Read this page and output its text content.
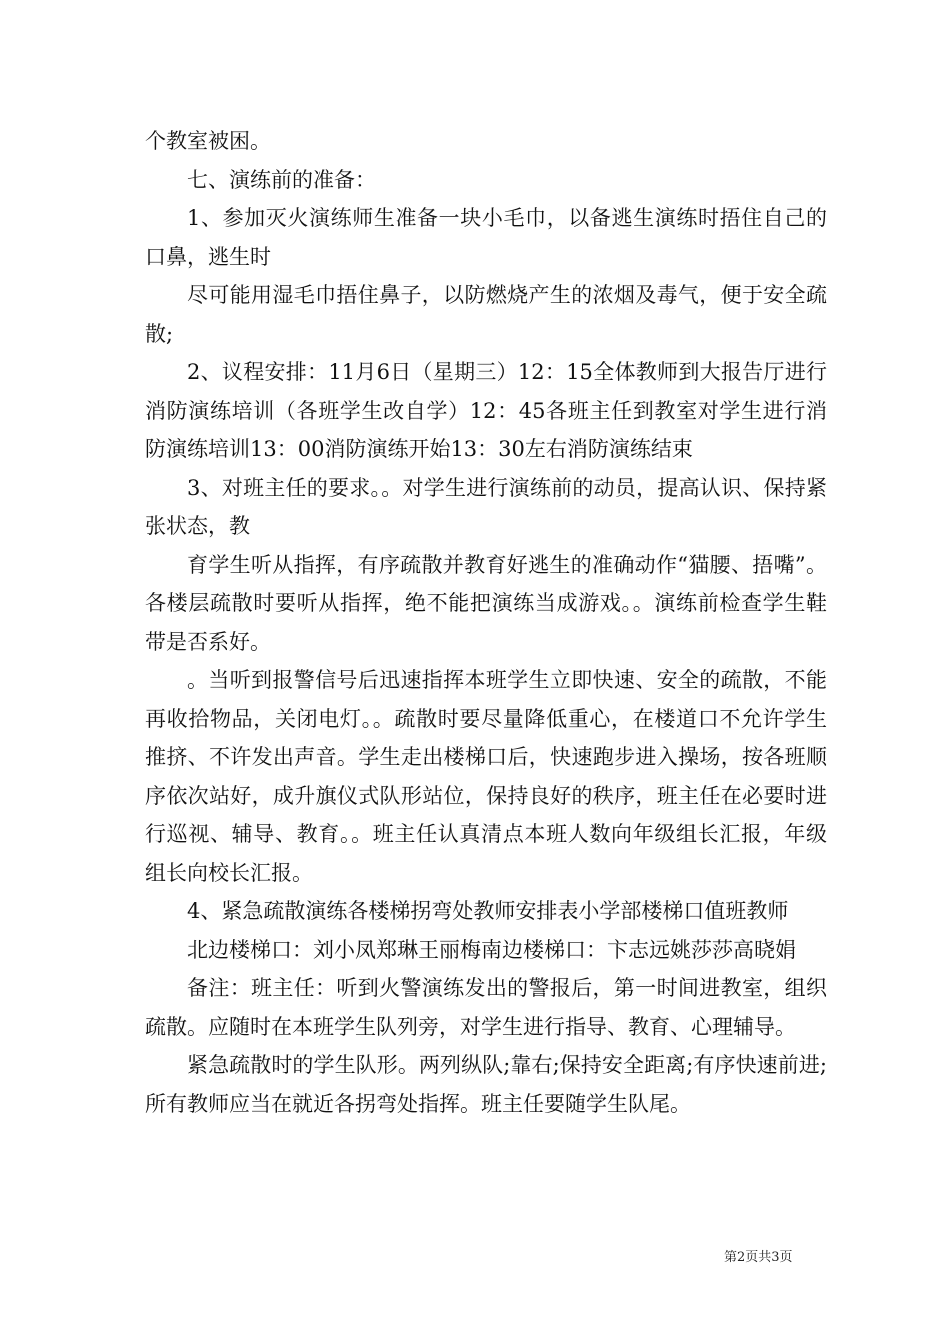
个教室被困。

七、演练前的准备：

1、参加灭火演练师生准备一块小毛巾，以备逃生演练时捂住自己的口鼻，逃生时

尽可能用湿毛巾捂住鼻子，以防燃烧产生的浓烟及毒气，便于安全疏散;

2、议程安排：11月6日（星期三）12：15全体教师到大报告厅进行消防演练培训（各班学生改自学）12：45各班主任到教室对学生进行消防演练培训13：00消防演练开始13：30左右消防演练结束

3、对班主任的要求。。对学生进行演练前的动员，提高认识、保持紧张状态，教

育学生听从指挥，有序疏散并教育好逃生的准确动作“猫腰、捂嘴”。各楼层疏散时要听从指挥，绝不能把演练当成游戏。。演练前检查学生鞋带是否系好。

。当听到报警信号后迅速指挥本班学生立即快速、安全的疏散，不能再收拾物品，关闭电灯。。疏散时要尽量降低重心，在楼道口不允许学生推挤、不许发出声音。学生走出楼梯口后，快速跑步进入操场，按各班顺序依次站好，成升旗仪式队形站位，保持良好的秩序，班主任在必要时进行巡视、辅导、教育。。班主任认真清点本班人数向年级组长汇报，年级组长向校长汇报。

4、紧急疏散演练各楼梯拐弯处教师安排表小学部楼梯口值班教师

北边楼梯口：刘小凤郑琳王丽梅南边楼梯口：卞志远姚莎莎高晓娟

备注：班主任：听到火警演练发出的警报后，第一时间进教室，组织疏散。应随时在本班学生队列旁，对学生进行指导、教育、心理辅导。

紧急疏散时的学生队形。两列纵队;靠右;保持安全距离;有序快速前进;所有教师应当在就近各拐弯处指挥。班主任要随学生队尾。

第2页共3页
